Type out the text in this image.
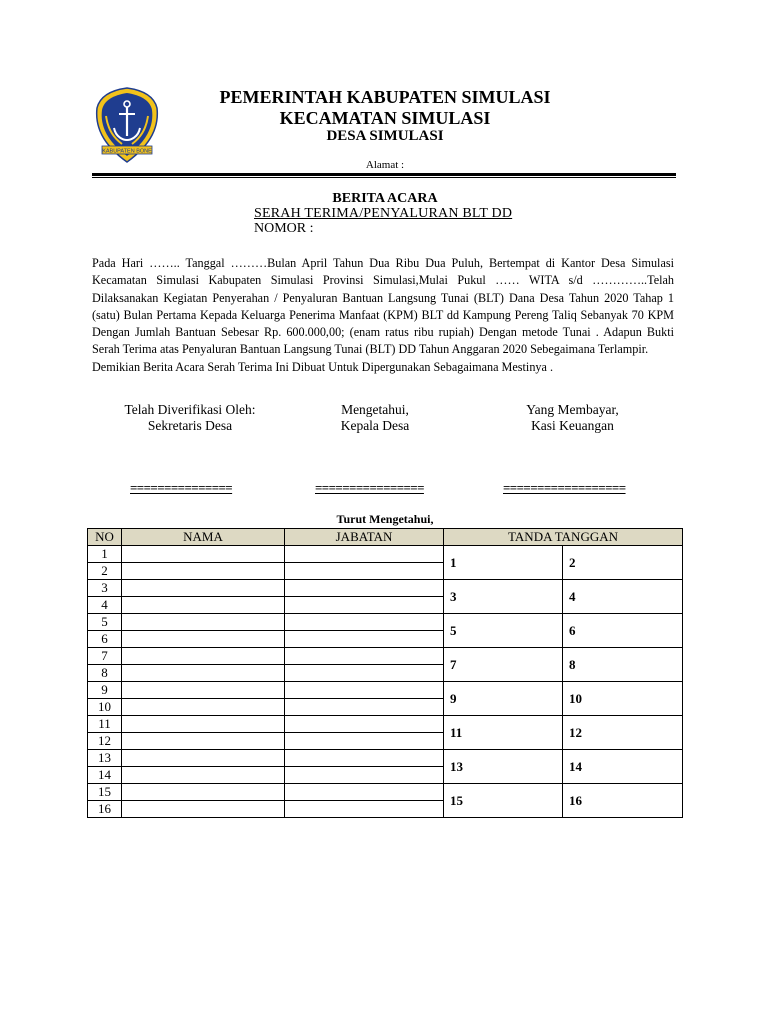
KABUPATEN BONE
PEMERINTAH KABUPATEN SIMULASI
KECAMATAN SIMULASI
DESA SIMULASI
Alamat :
BERITA ACARA
SERAH TERIMA/PENYALURAN BLT DD
NOMOR :

Pada Hari …….. Tanggal ………Bulan April Tahun Dua Ribu Dua Puluh, Bertempat di Kantor Desa Simulasi Kecamatan Simulasi Kabupaten Simulasi Provinsi Simulasi,Mulai Pukul …… WITA s/d …………..Telah Dilaksanakan Kegiatan Penyerahan / Penyaluran Bantuan Langsung Tunai (BLT) Dana Desa Tahun 2020 Tahap 1 (satu) Bulan Pertama Kepada Keluarga Penerima Manfaat (KPM) BLT dd Kampung Pereng Taliq Sebanyak 70 KPM Dengan Jumlah Bantuan Sebesar Rp. 600.000,00; (enam ratus ribu rupiah) Dengan metode Tunai . Adapun Bukti Serah Terima atas Penyaluran Bantuan Langsung Tunai (BLT) DD Tahun Anggaran 2020 Sebegaimana Terlampir.

Demikian Berita Acara Serah Terima Ini Dibuat Untuk Dipergunakan Sebagaimana Mestinya .

Telah Diverifikasi Oleh:
Sekretaris Desa
Mengetahui,
Kepala Desa
Yang Membayar,
Kasi Keuangan
===============	================	==================
Turut Mengetahui,
NO	NAMA	JABATAN	TANDA TANGGAN	
1			1	2
2				
3			3	4
4				
5			5	6
6				
7			7	8
8				
9			9	10
10				
11			11	12
12				
13			13	14
14				
15			15	16
16				
